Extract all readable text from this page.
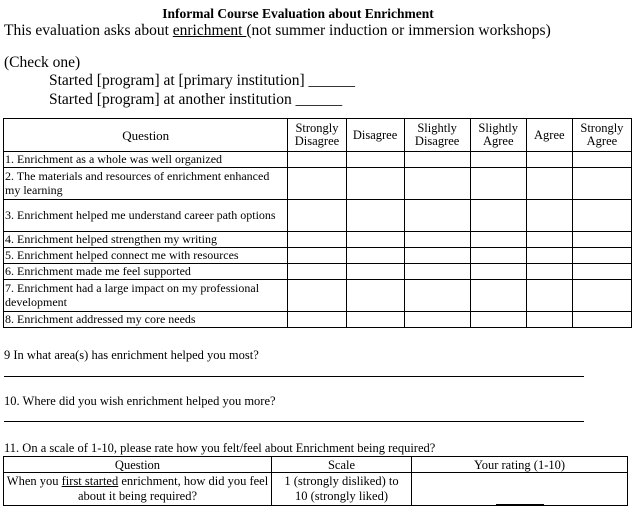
Informal Course Evaluation about Enrichment
This evaluation asks about enrichment (not summer induction or immersion workshops)
(Check one)
Started [program] at [primary institution] ______
Started [program] at another institution ______
Question	Strongly Disagree	Disagree	Slightly Disagree	Slightly Agree	Agree	Strongly Agree
1. Enrichment as a whole was well organized						
2. The materials and resources of enrichment enhanced my learning						
3. Enrichment helped me understand career path options						
4. Enrichment helped strengthen my writing						
5. Enrichment helped connect me with resources						
6. Enrichment made me feel supported						
7. Enrichment had a large impact on my professional development						
8. Enrichment addressed my core needs						
9 In what area(s) has enrichment helped you most?
10. Where did you wish enrichment helped you more?
11. On a scale of 1-10, please rate how you felt/feel about Enrichment being required?
Question	Scale	Your rating (1-10)
When you first started enrichment, how did you feel about it being required?	1 (strongly disliked) to
10 (strongly liked)	
